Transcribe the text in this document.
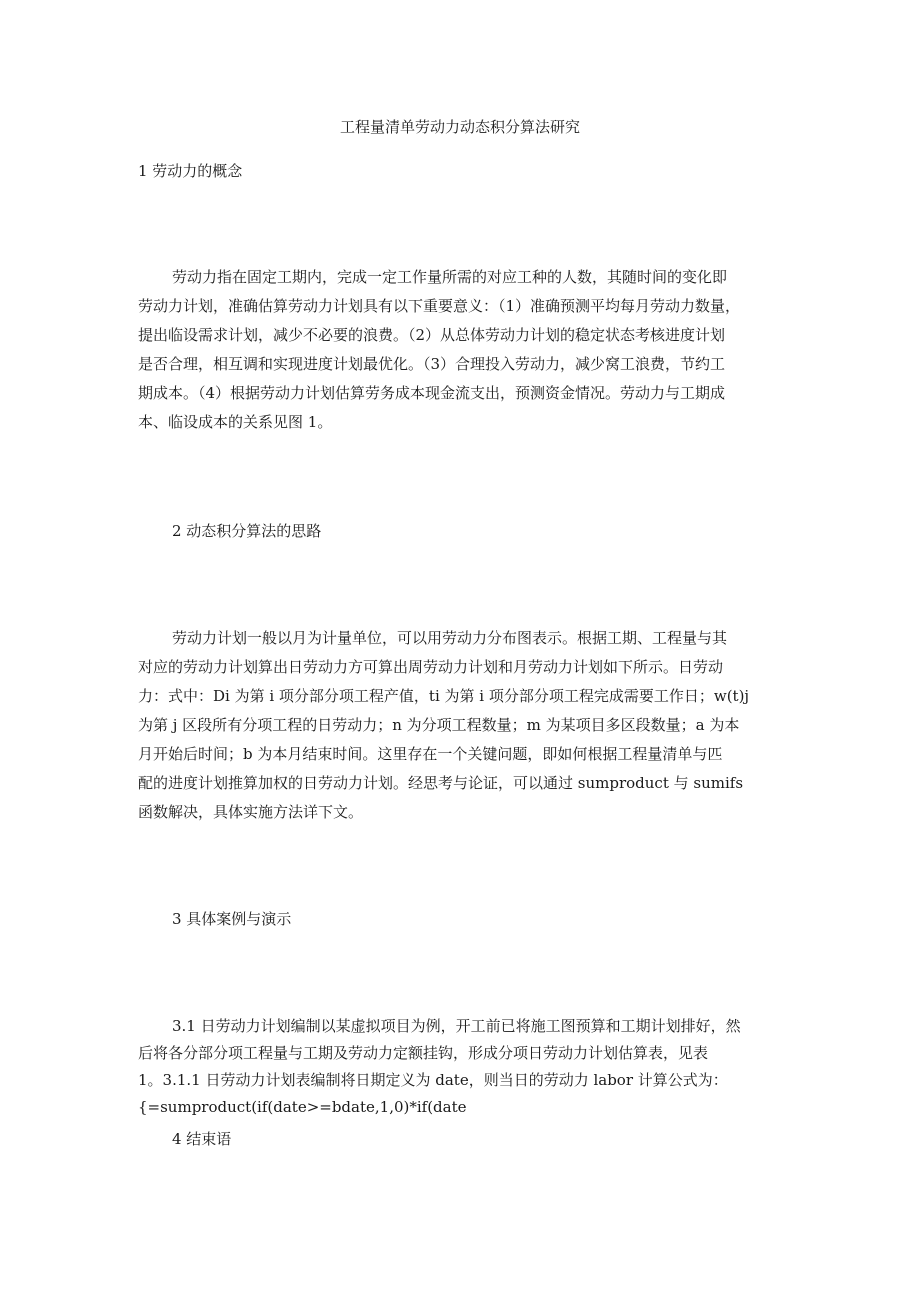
工程量清单劳动力动态积分算法研究
1 劳动力的概念
劳动力指在固定工期内，完成一定工作量所需的对应工种的人数，其随时间的变化即
劳动力计划，准确估算劳动力计划具有以下重要意义：（1）准确预测平均每月劳动力数量，
提出临设需求计划，减少不必要的浪费。（2）从总体劳动力计划的稳定状态考核进度计划
是否合理，相互调和实现进度计划最优化。（3）合理投入劳动力，减少窝工浪费，节约工
期成本。（4）根据劳动力计划估算劳务成本现金流支出，预测资金情况。劳动力与工期成
本、临设成本的关系见图 1。
2 动态积分算法的思路
劳动力计划一般以月为计量单位，可以用劳动力分布图表示。根据工期、工程量与其
对应的劳动力计划算出日劳动力方可算出周劳动力计划和月劳动力计划如下所示。日劳动
力：式中：Di 为第 i 项分部分项工程产值，ti 为第 i 项分部分项工程完成需要工作日；w(t)j
为第 j 区段所有分项工程的日劳动力；n 为分项工程数量；m 为某项目多区段数量；a 为本
月开始后时间；b 为本月结束时间。这里存在一个关键问题，即如何根据工程量清单与匹
配的进度计划推算加权的日劳动力计划。经思考与论证，可以通过 sumproduct 与 sumifs
函数解决，具体实施方法详下文。
3 具体案例与演示
3.1 日劳动力计划编制以某虚拟项目为例，开工前已将施工图预算和工期计划排好，然
后将各分部分项工程量与工期及劳动力定额挂钩，形成分项日劳动力计划估算表，见表
1。3.1.1 日劳动力计划表编制将日期定义为 date，则当日的劳动力 labor 计算公式为：
{=sumproduct(if(date>=bdate,1,0)*if(date
4 结束语
